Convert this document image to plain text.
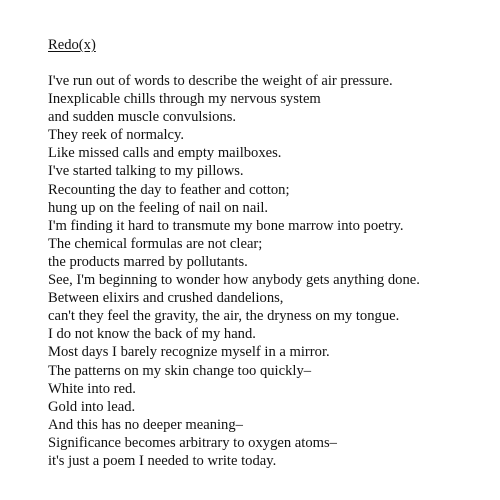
Redo(x)
I've run out of words to describe the weight of air pressure.
Inexplicable chills through my nervous system
and sudden muscle convulsions.
They reek of normalcy.
Like missed calls and empty mailboxes.
I've started talking to my pillows.
Recounting the day to feather and cotton;
hung up on the feeling of nail on nail.
I'm finding it hard to transmute my bone marrow into poetry.
The chemical formulas are not clear;
the products marred by pollutants.
See, I'm beginning to wonder how anybody gets anything done.
Between elixirs and crushed dandelions,
can't they feel the gravity, the air, the dryness on my tongue.
I do not know the back of my hand.
Most days I barely recognize myself in a mirror.
The patterns on my skin change too quickly–
White into red.
Gold into lead.
And this has no deeper meaning–
Significance becomes arbitrary to oxygen atoms–
it's just a poem I needed to write today.
